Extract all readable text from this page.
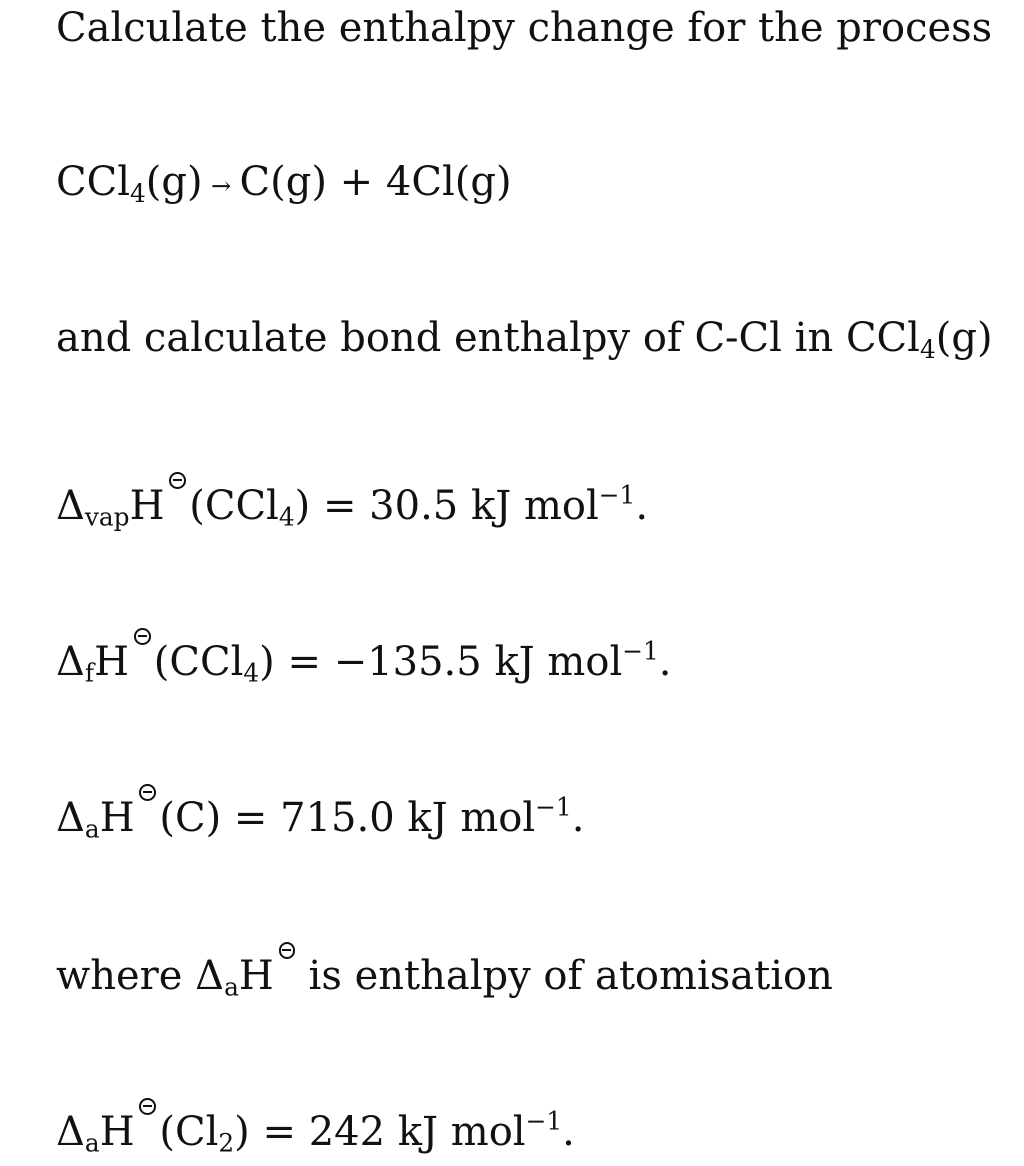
Calculate the enthalpy change for the process
CCl$_4$(g) → C(g) + 4Cl(g)
and calculate bond enthalpy of C-Cl in CCl$_4$(g)
$\Delta_{vap}H$ (CCl$_4$) = 30.5 kJ mol$^{-1}$.
$\Delta_fH$ (CCl$_4$) = −135.5 kJ mol$^{-1}$.
$\Delta_aH$ (C) = 715.0 kJ mol$^{-1}$.
where $\Delta_aH$ is enthalpy of atomisation
$\Delta_aH$ $(Cl_2) = 242$ kJ mol$^{-1}$.
